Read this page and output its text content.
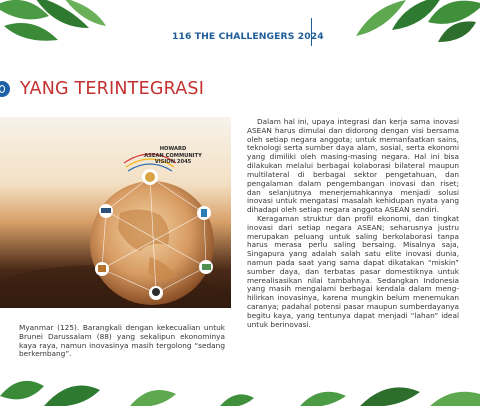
116 THE CHALLENGERS 2024
YANG TERINTEGRASI
HOWARD
ASEAN COMMUNITY
VISION 2045

Dalam hal ini, upaya integrasi dan kerja sama inovasi ASEAN harus dimulai dan didorong dengan visi bersama oleh setiap negara anggota; untuk memanfaatkan sains, teknologi serta sumber daya alam, sosial, serta ekonomi yang dimiliki oleh masing-masing negara. Hal ini bisa dilakukan melalui berbagai kolaborasi bilateral maupun multilateral di berbagai sektor pengetahuan, dan pengalaman dalam pengembangan inovasi dan riset; dan selanjutnya menerjemahkannya menjadi solusi inovasi untuk mengatasi masalah kehidupan nyata yang dihadapi oleh setiap negara anggota ASEAN sendiri.

Keragaman struktur dan profil ekonomi, dan tingkat inovasi dari setiap negara ASEAN; seharusnya justru merupakan peluang untuk saling berkolaborasi tanpa harus merasa perlu saling bersaing. Misalnya saja, Singapura yang adalah salah satu elite inovasi dunia, namun pada saat yang sama dapat dikatakan “miskin” sumber daya, dan terbatas pasar domestiknya untuk merealisasikan nilai tambahnya. Sedangkan Indonesia yang masih mengalami berbagai kendala dalam menghilirkan inovasinya, karena mungkin belum menemukan caranya; padahal potensi pasar maupun sumberdayanya begitu kaya, yang tentunya dapat menjadi “lahan” ideal untuk berinovasi.

Myanmar (125). Barangkali dengan kekecualian untuk Brunei Darussalam (88) yang sekalipun ekonominya kaya raya, namun inovasinya masih tergolong “sedang berkembang”.
